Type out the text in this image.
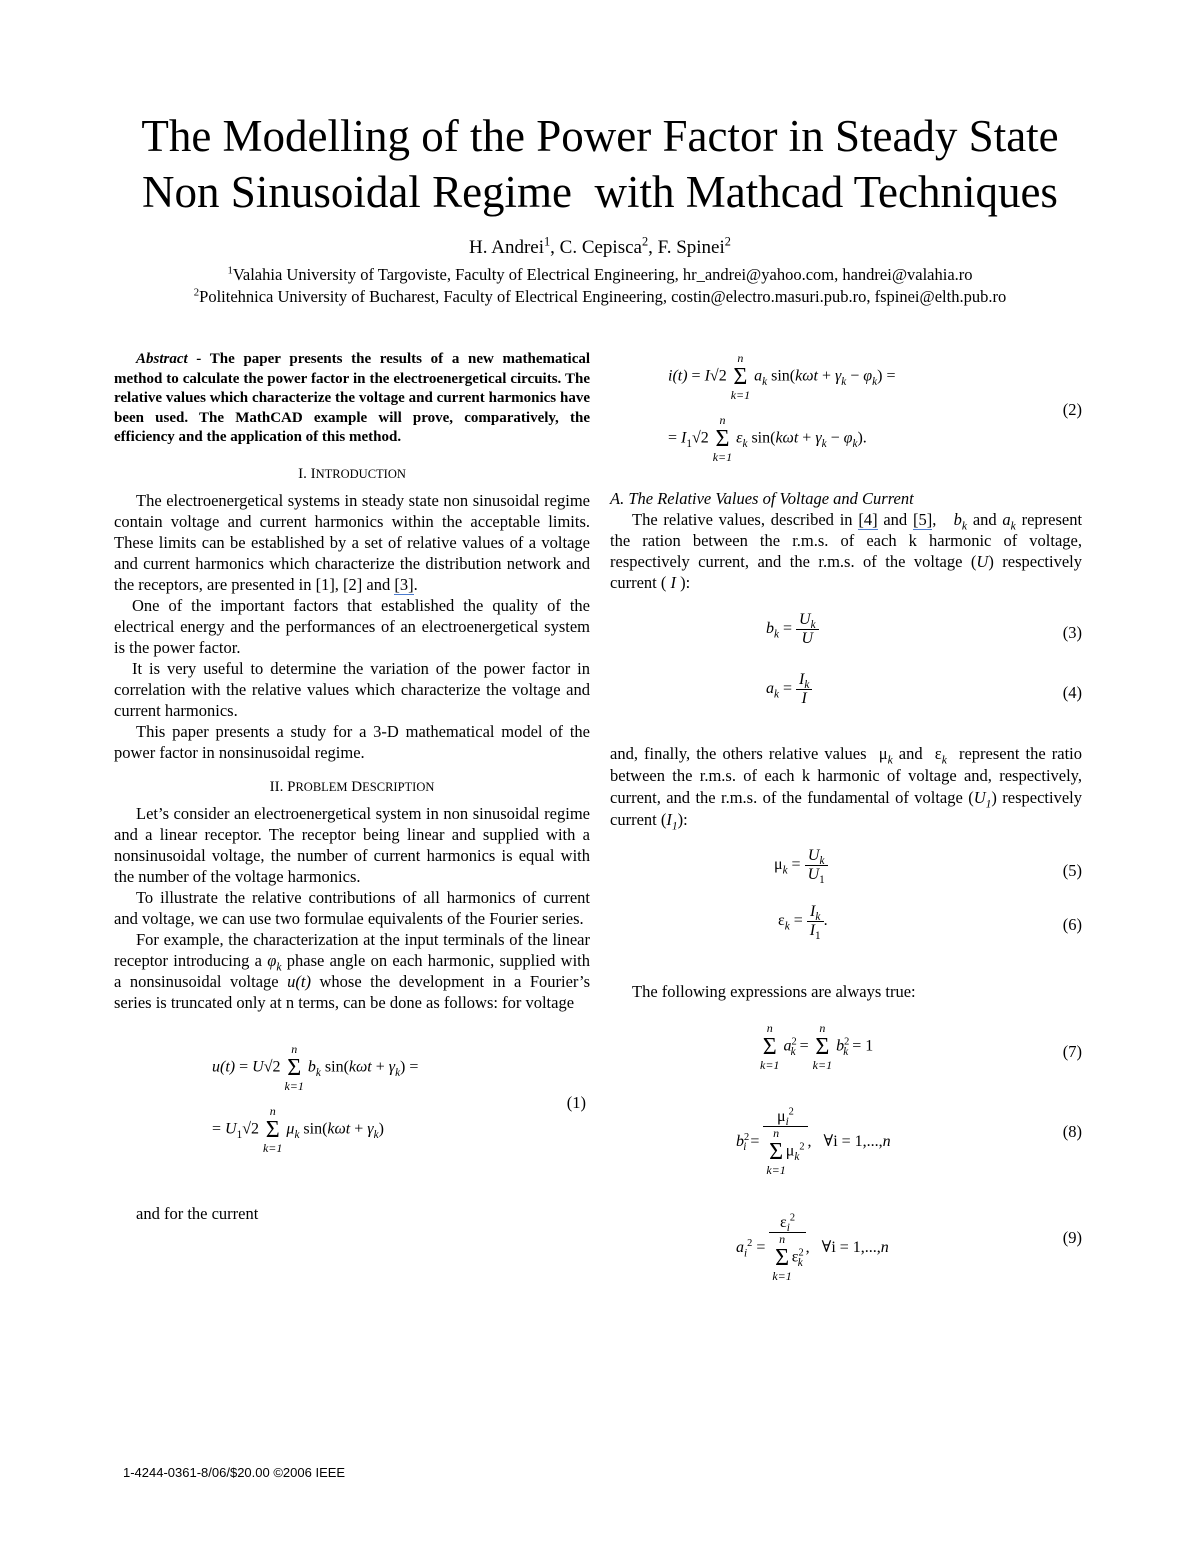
The Modelling of the Power Factor in Steady State
Non Sinusoidal Regime  with Mathcad Techniques
H. Andrei$^1$, C. Cepisca$^2$, F. Spinei$^2$
$^1$Valahia University of Targoviste, Faculty of Electrical Engineering, hr_andrei@yahoo.com, handrei@valahia.ro
$^2$Politehnica University of Bucharest, Faculty of Electrical Engineering, costin@electro.masuri.pub.ro, fspinei@elth.pub.ro

Abstract - The paper presents the results of a new mathematical method to calculate the power factor in the electroenergetical circuits. The relative values which characterize the voltage and current harmonics have been used. The MathCAD example will prove, comparatively, the efficiency and the application of this method.

I. INTRODUCTION

The electroenergetical systems in steady state non sinusoidal regime contain voltage and current harmonics within the acceptable limits. These limits can be established by a set of relative values of a voltage and current harmonics which characterize the distribution network and the receptors, are presented in [1], [2] and [3].

One of the important factors that established the quality of the electrical energy and the performances of an electroenergetical system is the power factor.

It is very useful to determine the variation of the power factor in correlation with the relative values which characterize the voltage and current harmonics.

This paper presents a study for a 3-D mathematical model of the power factor in nonsinusoidal regime.

II. PROBLEM DESCRIPTION

Let’s consider an electroenergetical system in non sinusoidal regime and a linear receptor. The receptor being linear and supplied with a nonsinusoidal voltage, the number of current harmonics is equal with the number of the voltage harmonics.

To illustrate the relative contributions of all harmonics of current and voltage, we can use two formulae equivalents of the Fourier series.

For example, the characterization at the input terminals of the linear receptor introducing a $\varphi_k$ phase angle on each harmonic, supplied with a nonsinusoidal voltage u(t) whose the development in a Fourier’s series is truncated only at n terms, can be done as follows: for voltage

u(t) = U√2 n
Σ
k=1 $b_k$ $\sin(k\omega t + \gamma_k)$ =
= $U_1√2$ n
Σ
k=1 $\mu_k$ $\sin(k\omega t + \gamma_k)$
(1)

and for the current

i(t) = I√2 n
Σ
k=1 $a_k$ $\sin(k\omega t + \gamma_k - \varphi_k)$ =
= $I_1√2$ n
Σ
k=1 $\varepsilon_k$ $\sin(k\omega t + \gamma_k - \varphi_k)$.
(2)

A. The Relative Values of Voltage and Current

The relative values, described in [4] and [5],   $b_k$ and $a_k$ represent the ration between the r.m.s. of each k harmonic of voltage, respectively current, and the r.m.s. of the voltage (U) respectively current ( I ):

$b_k = \frac{U_k}{U}$	(3)
$a_k = \frac{I_k}{I}$	(4)

and, finally, the others relative values  $\mu_k$ and  $\varepsilon_k$ represent the ratio between the r.m.s. of each k harmonic of voltage and, respectively, current, and the r.m.s. of the fundamental of voltage $(U_1)$ respectively current $(I_1)$:

$\mu_k = \frac{U_k}{U_1}$	(5)
$\varepsilon_k = \frac{I_k}{I_1}$ .	(6)

The following expressions are always true:

n
Σ
k=1 $a^2_k = n$
Σ
k=1 $b^2_k = 1$	(7)
$b^2_i = \mu_i^2$
n
Σ
$k=1\mu_k^2$ ,   ∀i = 1,...,n
(8)
$a_i^2 = \varepsilon_i^2$
n
Σ
$k=1\varepsilon^2_k$ ,   ∀i = 1,...,n
(9)
1-4244-0361-8/06/$20.00 ©2006 IEEE
